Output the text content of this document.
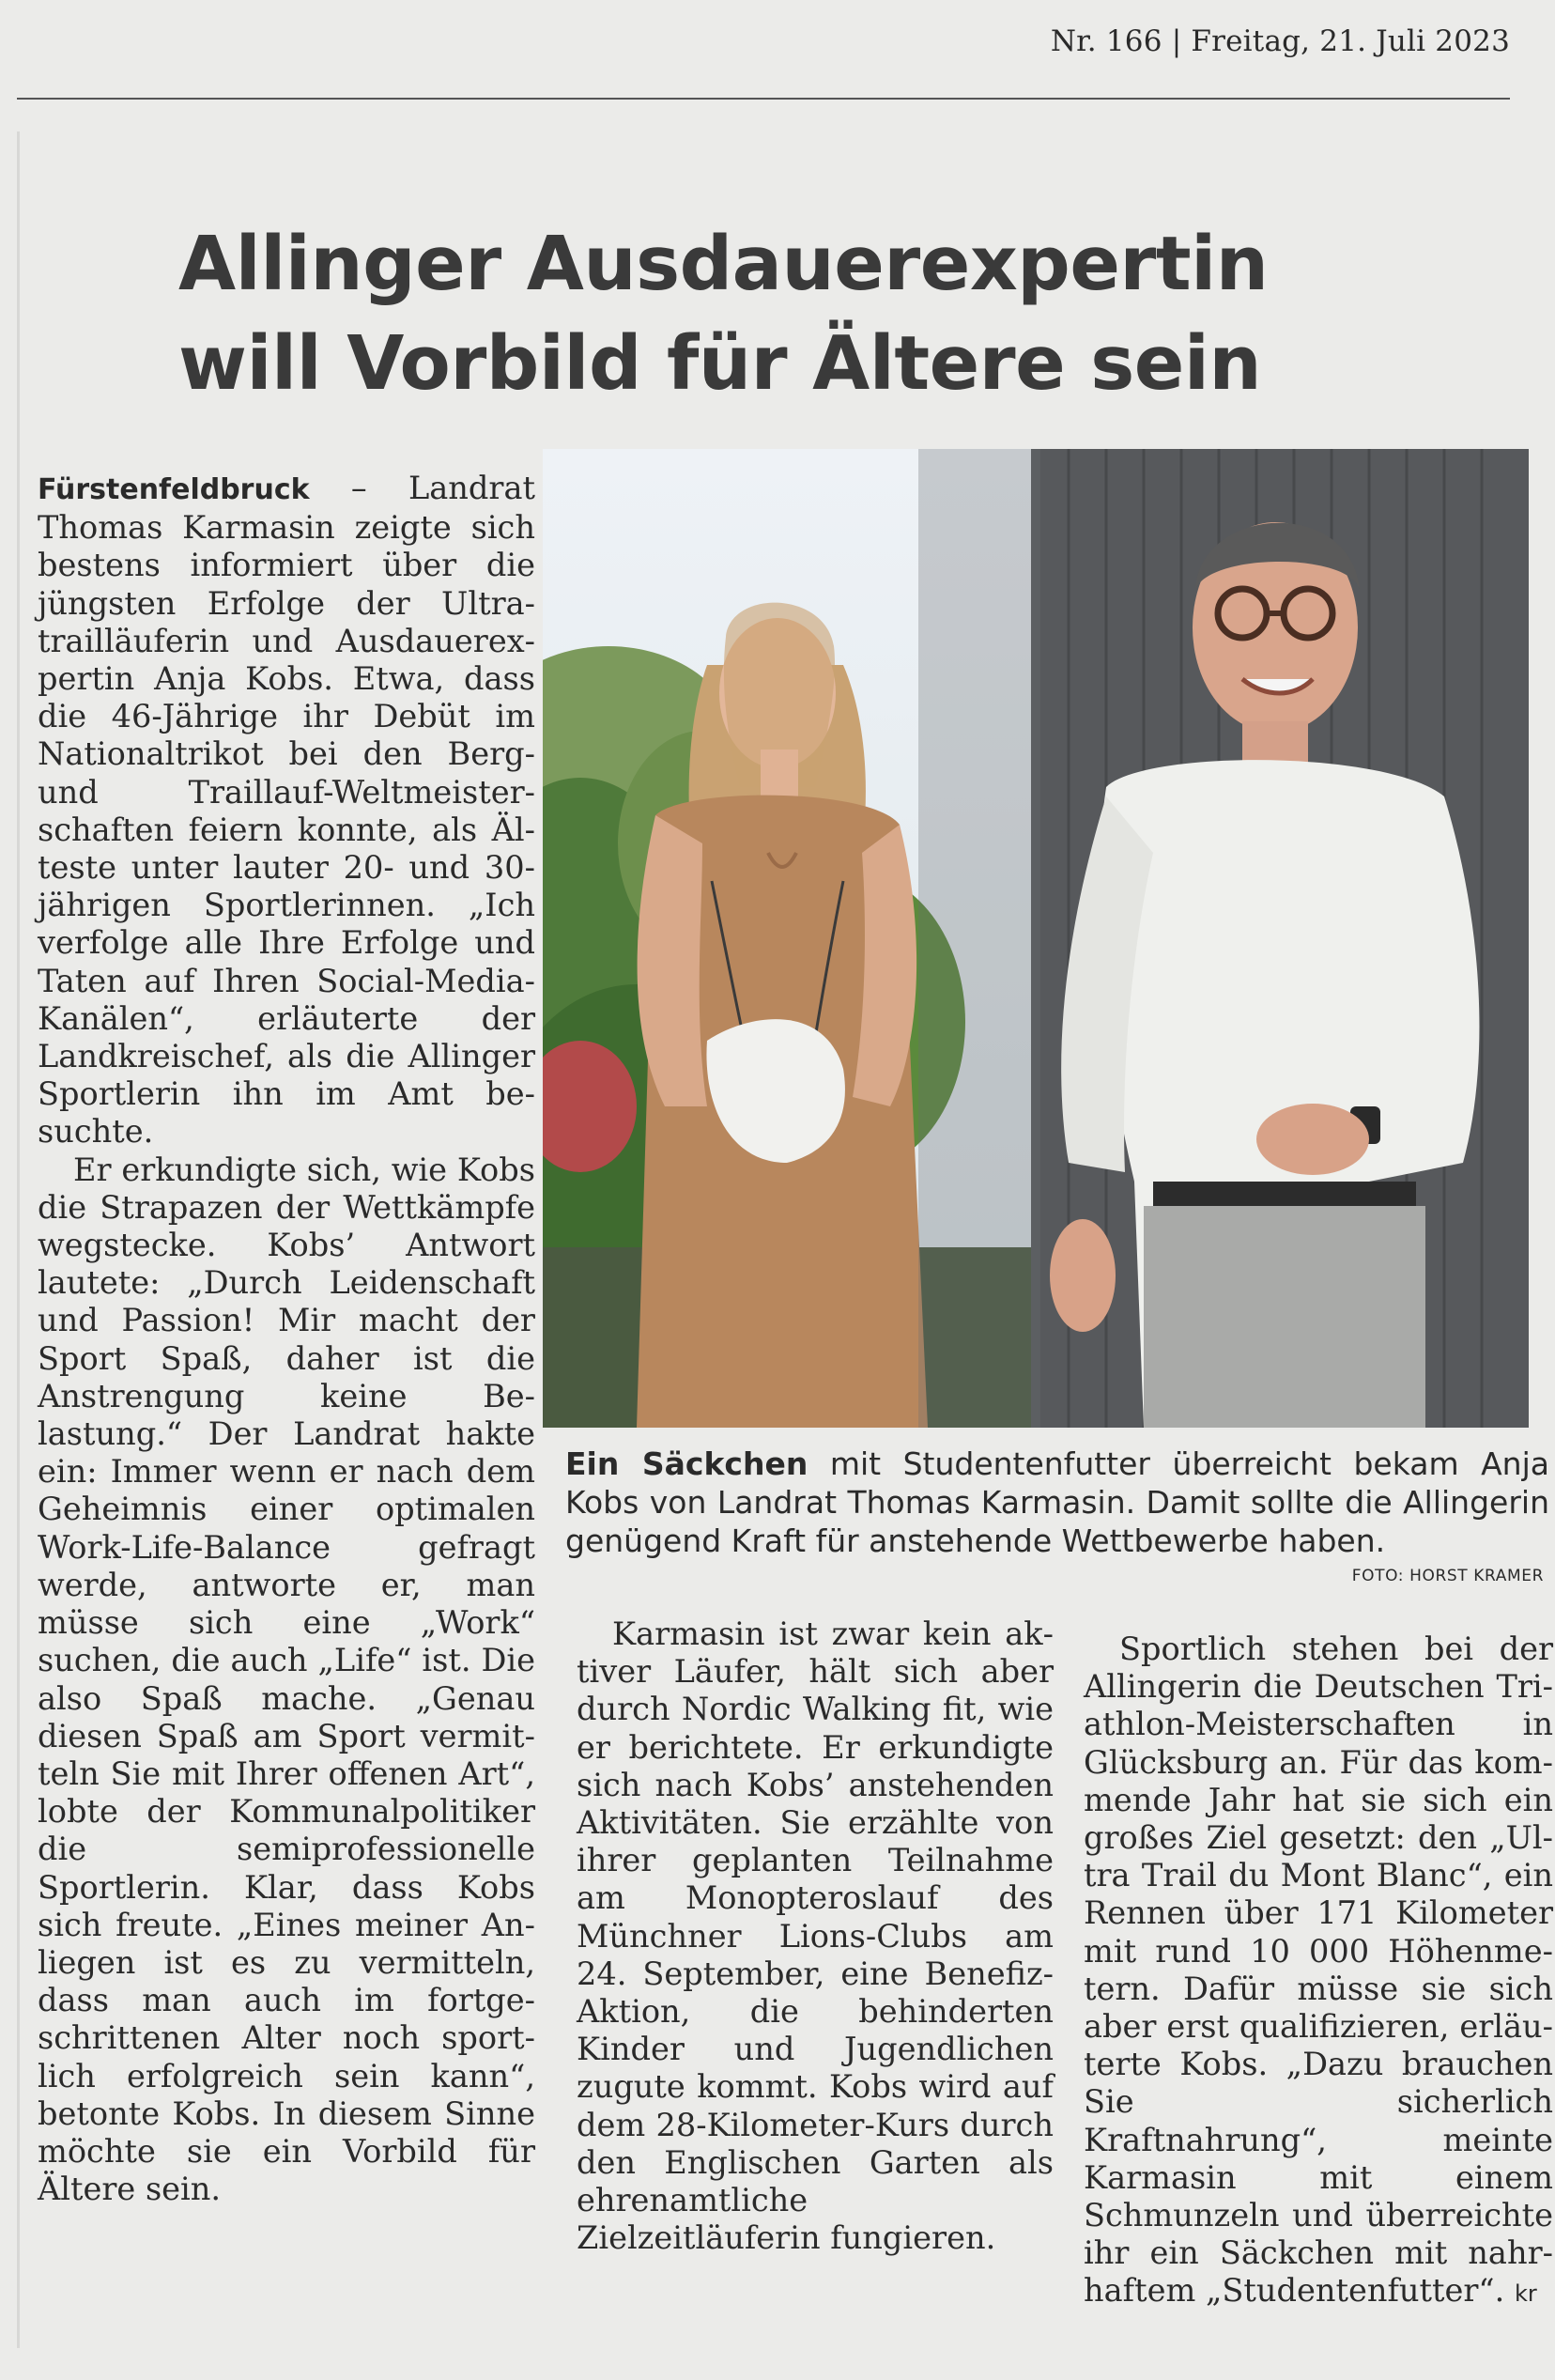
Nr. 166 | Freitag, 21. Juli 2023
Allinger Ausdauerexpertin
will Vorbild für Ältere sein

Fürstenfeldbruck – Landrat Thomas Karmasin zeigte sich bestens informiert über die jüngsten Erfolge der Ultratrailläuferin und Ausdauerexpertin Anja Kobs. Etwa, dass die 46-Jährige ihr Debüt im Nationaltrikot bei den Berg- und Traillauf-Weltmeisterschaften feiern konnte, als Älteste unter lauter 20- und 30-jährigen Sportlerinnen. „Ich verfolge alle Ihre Erfolge und Taten auf Ihren Social-Media-Kanälen“, erläuterte der Landkreischef, als die Allinger Sportlerin ihn im Amt besuchte.

Er erkundigte sich, wie Kobs die Strapazen der Wettkämpfe wegstecke. Kobs’ Antwort lautete: „Durch Leidenschaft und Passion! Mir macht der Sport Spaß, daher ist die Anstrengung keine Belastung.“ Der Landrat hakte ein: Immer wenn er nach dem Geheimnis einer optimalen Work-Life-Balance gefragt werde, antworte er, man müsse sich eine „Work“ suchen, die auch „Life“ ist. Die also Spaß mache. „Genau diesen Spaß am Sport vermitteln Sie mit Ihrer offenen Art“, lobte der Kommunalpolitiker die semiprofessionelle Sportlerin. Klar, dass Kobs sich freute. „Eines meiner Anliegen ist es zu vermitteln, dass man auch im fortgeschrittenen Alter noch sportlich erfolgreich sein kann“, betonte Kobs. In diesem Sinne möchte sie ein Vorbild für Ältere sein.

Ein Säckchen mit Studentenfutter überreicht bekam Anja Kobs von Landrat Thomas Karmasin. Damit sollte die Allingerin genügend Kraft für anstehende Wettbewerbe haben.
FOTO: HORST KRAMER

Karmasin ist zwar kein aktiver Läufer, hält sich aber durch Nordic Walking fit, wie er berichtete. Er erkundigte sich nach Kobs’ anstehenden Aktivitäten. Sie erzählte von ihrer geplanten Teilnahme am Monopteroslauf des Münchner Lions-Clubs am 24. September, eine Benefiz-Aktion, die behinderten Kinder und Jugendlichen zugute kommt. Kobs wird auf dem 28-Kilometer-Kurs durch den Englischen Garten als ehrenamtliche Zielzeitläuferin fungieren.

Sportlich stehen bei der Allingerin die Deutschen Triathlon-Meisterschaften in Glücksburg an. Für das kommende Jahr hat sie sich ein großes Ziel gesetzt: den „Ultra Trail du Mont Blanc“, ein Rennen über 171 Kilometer mit rund 10 000 Höhenmetern. Dafür müsse sie sich aber erst qualifizieren, erläuterte Kobs. „Dazu brauchen Sie sicherlich Kraftnahrung“, meinte Karmasin mit einem Schmunzeln und überreichte ihr ein Säckchen mit nahrhaftem „Studentenfutter“. kr
